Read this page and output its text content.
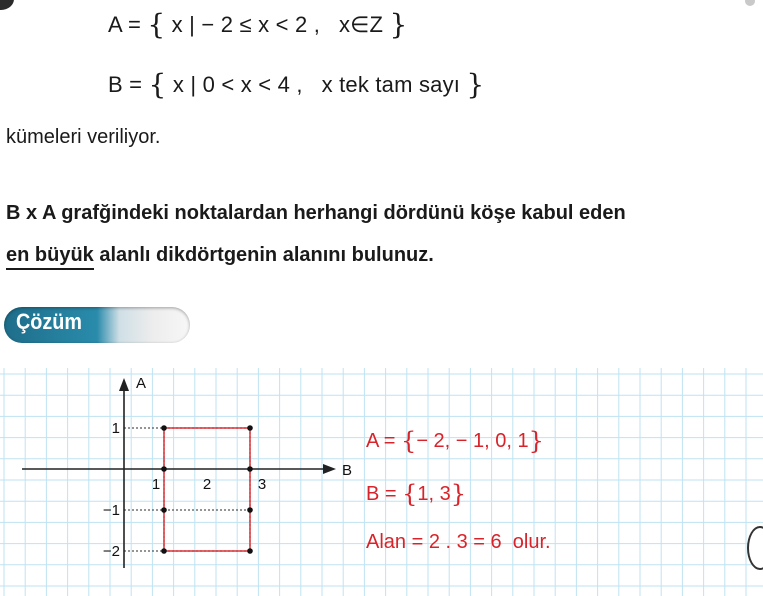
A = { x | − 2 ≤ x < 2 ,   x∈Z }
B = { x | 0 < x < 4 ,   x tek tam sayı }
kümeleri veriliyor.
B x A grafğindeki noktalardan herhangi dördünü köşe kabul eden
en büyük alanlı dikdörtgenin alanını bulunuz.
Çözüm
A
B
1	2	3
1
−1
−2
A = {− 2, − 1, 0, 1}
B = {1, 3}
Alan = 2 . 3 = 6  olur.
